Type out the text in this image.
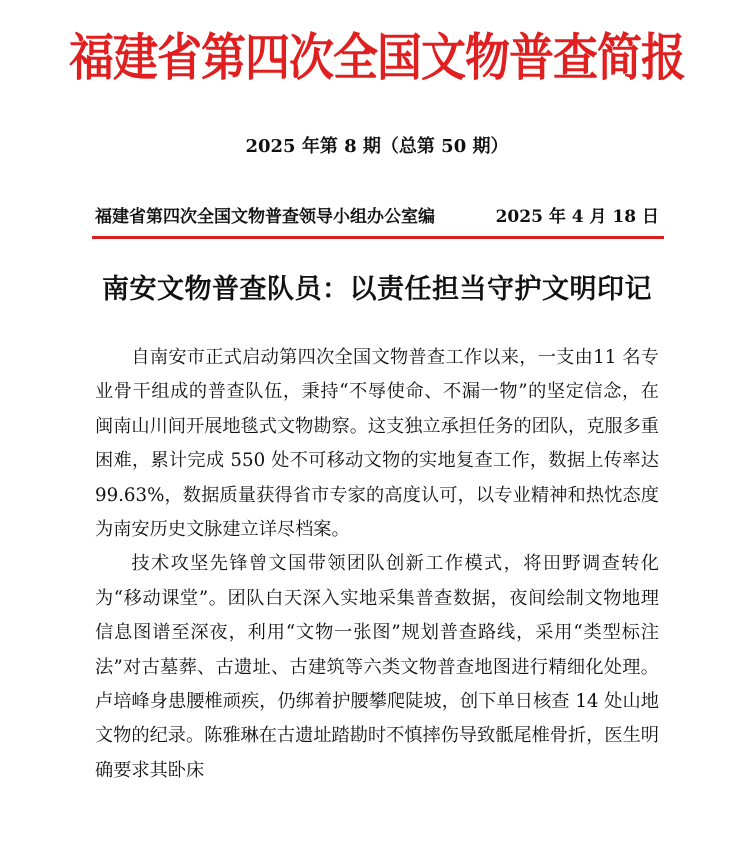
福建省第四次全国文物普查简报
2025 年第 8 期（总第 50 期）
福建省第四次全国文物普查领导小组办公室编	2025 年 4 月 18 日
南安文物普查队员：以责任担当守护文明印记

自南安市正式启动第四次全国文物普查工作以来，一支由11 名专业骨干组成的普查队伍，秉持“不辱使命、不漏一物”的坚定信念，在闽南山川间开展地毯式文物勘察。这支独立承担任务的团队，克服多重困难，累计完成 550 处不可移动文物的实地复查工作，数据上传率达 99.63%，数据质量获得省市专家的高度认可，以专业精神和热忱态度为南安历史文脉建立详尽档案。

技术攻坚先锋曾文国带领团队创新工作模式，将田野调查转化为“移动课堂”。团队白天深入实地采集普查数据，夜间绘制文物地理信息图谱至深夜，利用“文物一张图”规划普查路线，采用“类型标注法”对古墓葬、古遗址、古建筑等六类文物普查地图进行精细化处理。卢培峰身患腰椎顽疾，仍绑着护腰攀爬陡坡，创下单日核查 14 处山地文物的纪录。陈雅琳在古遗址踏勘时不慎摔伤导致骶尾椎骨折，医生明确要求其卧床
